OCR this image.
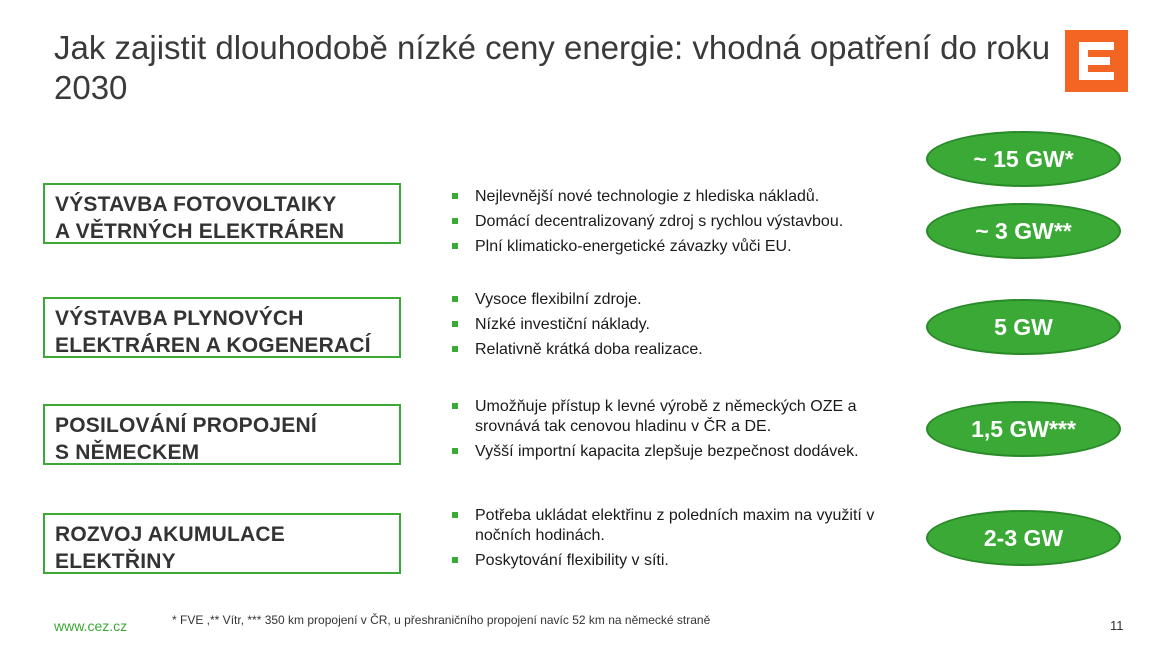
Jak zajistit dlouhodobě nízké ceny energie: vhodná opatření do roku 2030
VÝSTAVBA FOTOVOLTAIKY
A VĚTRNÝCH ELEKTRÁREN
Nejlevnější nové technologie z hlediska nákladů.
Domácí decentralizovaný zdroj s rychlou výstavbou.
Plní klimaticko-energetické závazky vůči EU.
VÝSTAVBA PLYNOVÝCH
ELEKTRÁREN A KOGENERACÍ
Vysoce flexibilní zdroje.
Nízké investiční náklady.
Relativně krátká doba realizace.
POSILOVÁNÍ PROPOJENÍ
S NĚMECKEM
Umožňuje přístup k levné výrobě z německých OZE a srovnává tak cenovou hladinu v ČR a DE.
Vyšší importní kapacita zlepšuje bezpečnost dodávek.
ROZVOJ AKUMULACE
ELEKTŘINY
Potřeba ukládat elektřinu z poledních maxim na využití v nočních hodinách.
Poskytování flexibility v síti.
~ 15 GW*
~ 3 GW**
5 GW
1,5 GW***
2-3 GW
www.cez.cz	* FVE ,** Vítr, *** 350 km propojení v ČR, u přeshraničního propojení navíc 52 km na německé straně	11
